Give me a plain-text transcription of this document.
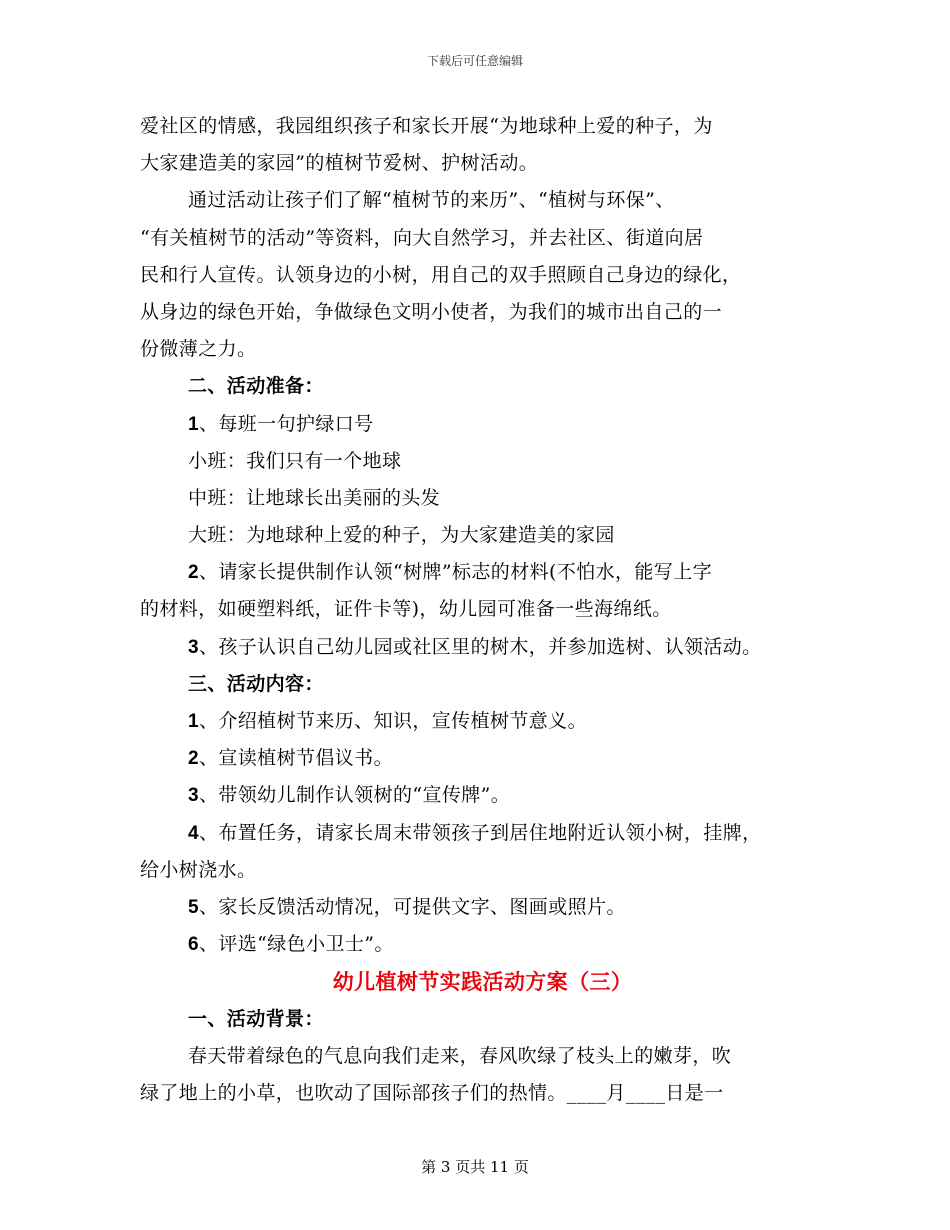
下载后可任意编辑
爱社区的情感，我园组织孩子和家长开展“为地球种上爱的种子，为
大家建造美的家园”的植树节爱树、护树活动。
通过活动让孩子们了解“植树节的来历”、“植树与环保”、
“有关植树节的活动”等资料，向大自然学习，并去社区、街道向居
民和行人宣传。认领身边的小树，用自己的双手照顾自己身边的绿化，
从身边的绿色开始，争做绿色文明小使者，为我们的城市出自己的一
份微薄之力。
二、活动准备：
1、每班一句护绿口号
小班：我们只有一个地球
中班：让地球长出美丽的头发
大班：为地球种上爱的种子，为大家建造美的家园
2、请家长提供制作认领“树牌”标志的材料(不怕水，能写上字
的材料，如硬塑料纸，证件卡等)，幼儿园可准备一些海绵纸。
3、孩子认识自己幼儿园或社区里的树木，并参加选树、认领活动。
三、活动内容：
1、介绍植树节来历、知识，宣传植树节意义。
2、宣读植树节倡议书。
3、带领幼儿制作认领树的“宣传牌”。
4、布置任务，请家长周末带领孩子到居住地附近认领小树，挂牌，
给小树浇水。
5、家长反馈活动情况，可提供文字、图画或照片。
6、评选“绿色小卫士”。
幼儿植树节实践活动方案（三）
一、活动背景：
春天带着绿色的气息向我们走来，春风吹绿了枝头上的嫩芽，吹
绿了地上的小草，也吹动了国际部孩子们的热情。____月____日是一
第 3 页共 11 页
